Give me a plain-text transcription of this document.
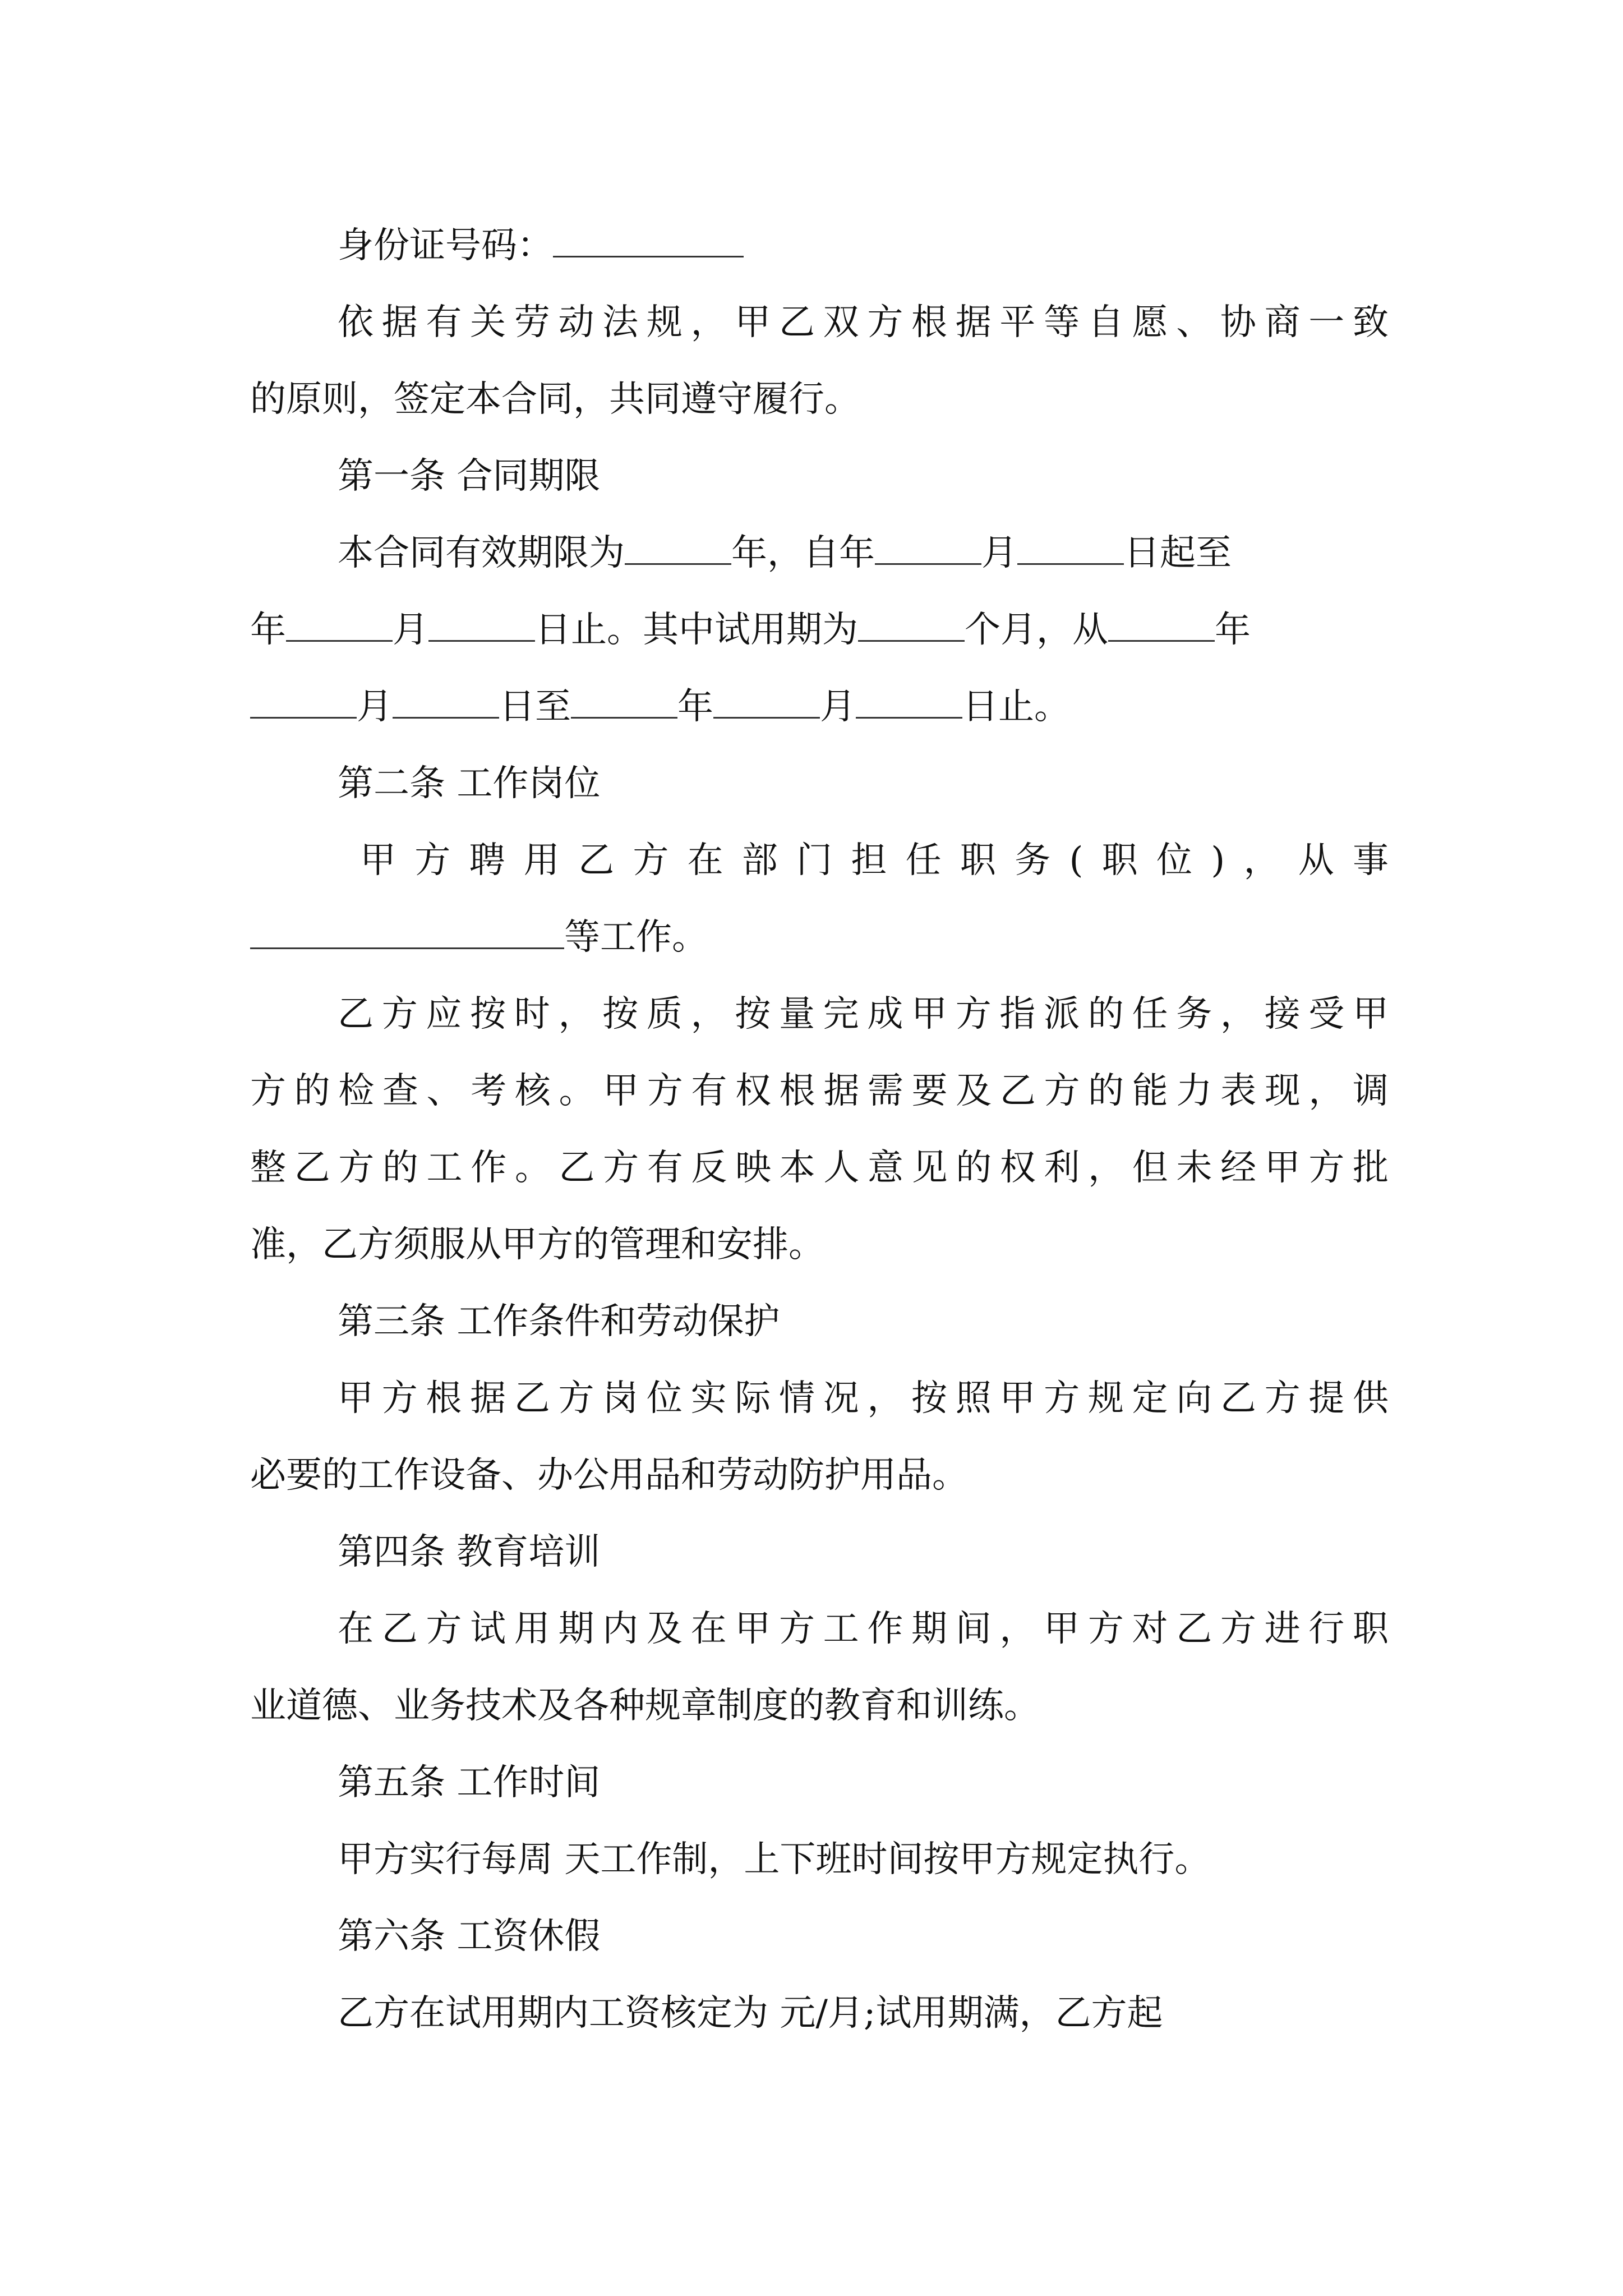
身份证号码：
依据有关劳动法规，甲乙双方根据平等自愿、协商一致
的原则，签定本合同，共同遵守履行。
第一条 合同期限
本合同有效期限为	年，自年	月	日起至
年	月	日止。其中试用期为	个月，从	年
月	日至	年	月	日止。
第二条 工作岗位
甲方聘用乙方在部门担任职务(职位)，从事
等工作。
乙方应按时，按质，按量完成甲方指派的任务，接受甲
方的检查、考核。甲方有权根据需要及乙方的能力表现，调
整乙方的工作。乙方有反映本人意见的权利，但未经甲方批
准，乙方须服从甲方的管理和安排。
第三条 工作条件和劳动保护
甲方根据乙方岗位实际情况，按照甲方规定向乙方提供
必要的工作设备、办公用品和劳动防护用品。
第四条 教育培训
在乙方试用期内及在甲方工作期间，甲方对乙方进行职
业道德、业务技术及各种规章制度的教育和训练。
第五条 工作时间
甲方实行每周 天工作制，上下班时间按甲方规定执行。
第六条 工资休假
乙方在试用期内工资核定为 元/月;试用期满，乙方起
